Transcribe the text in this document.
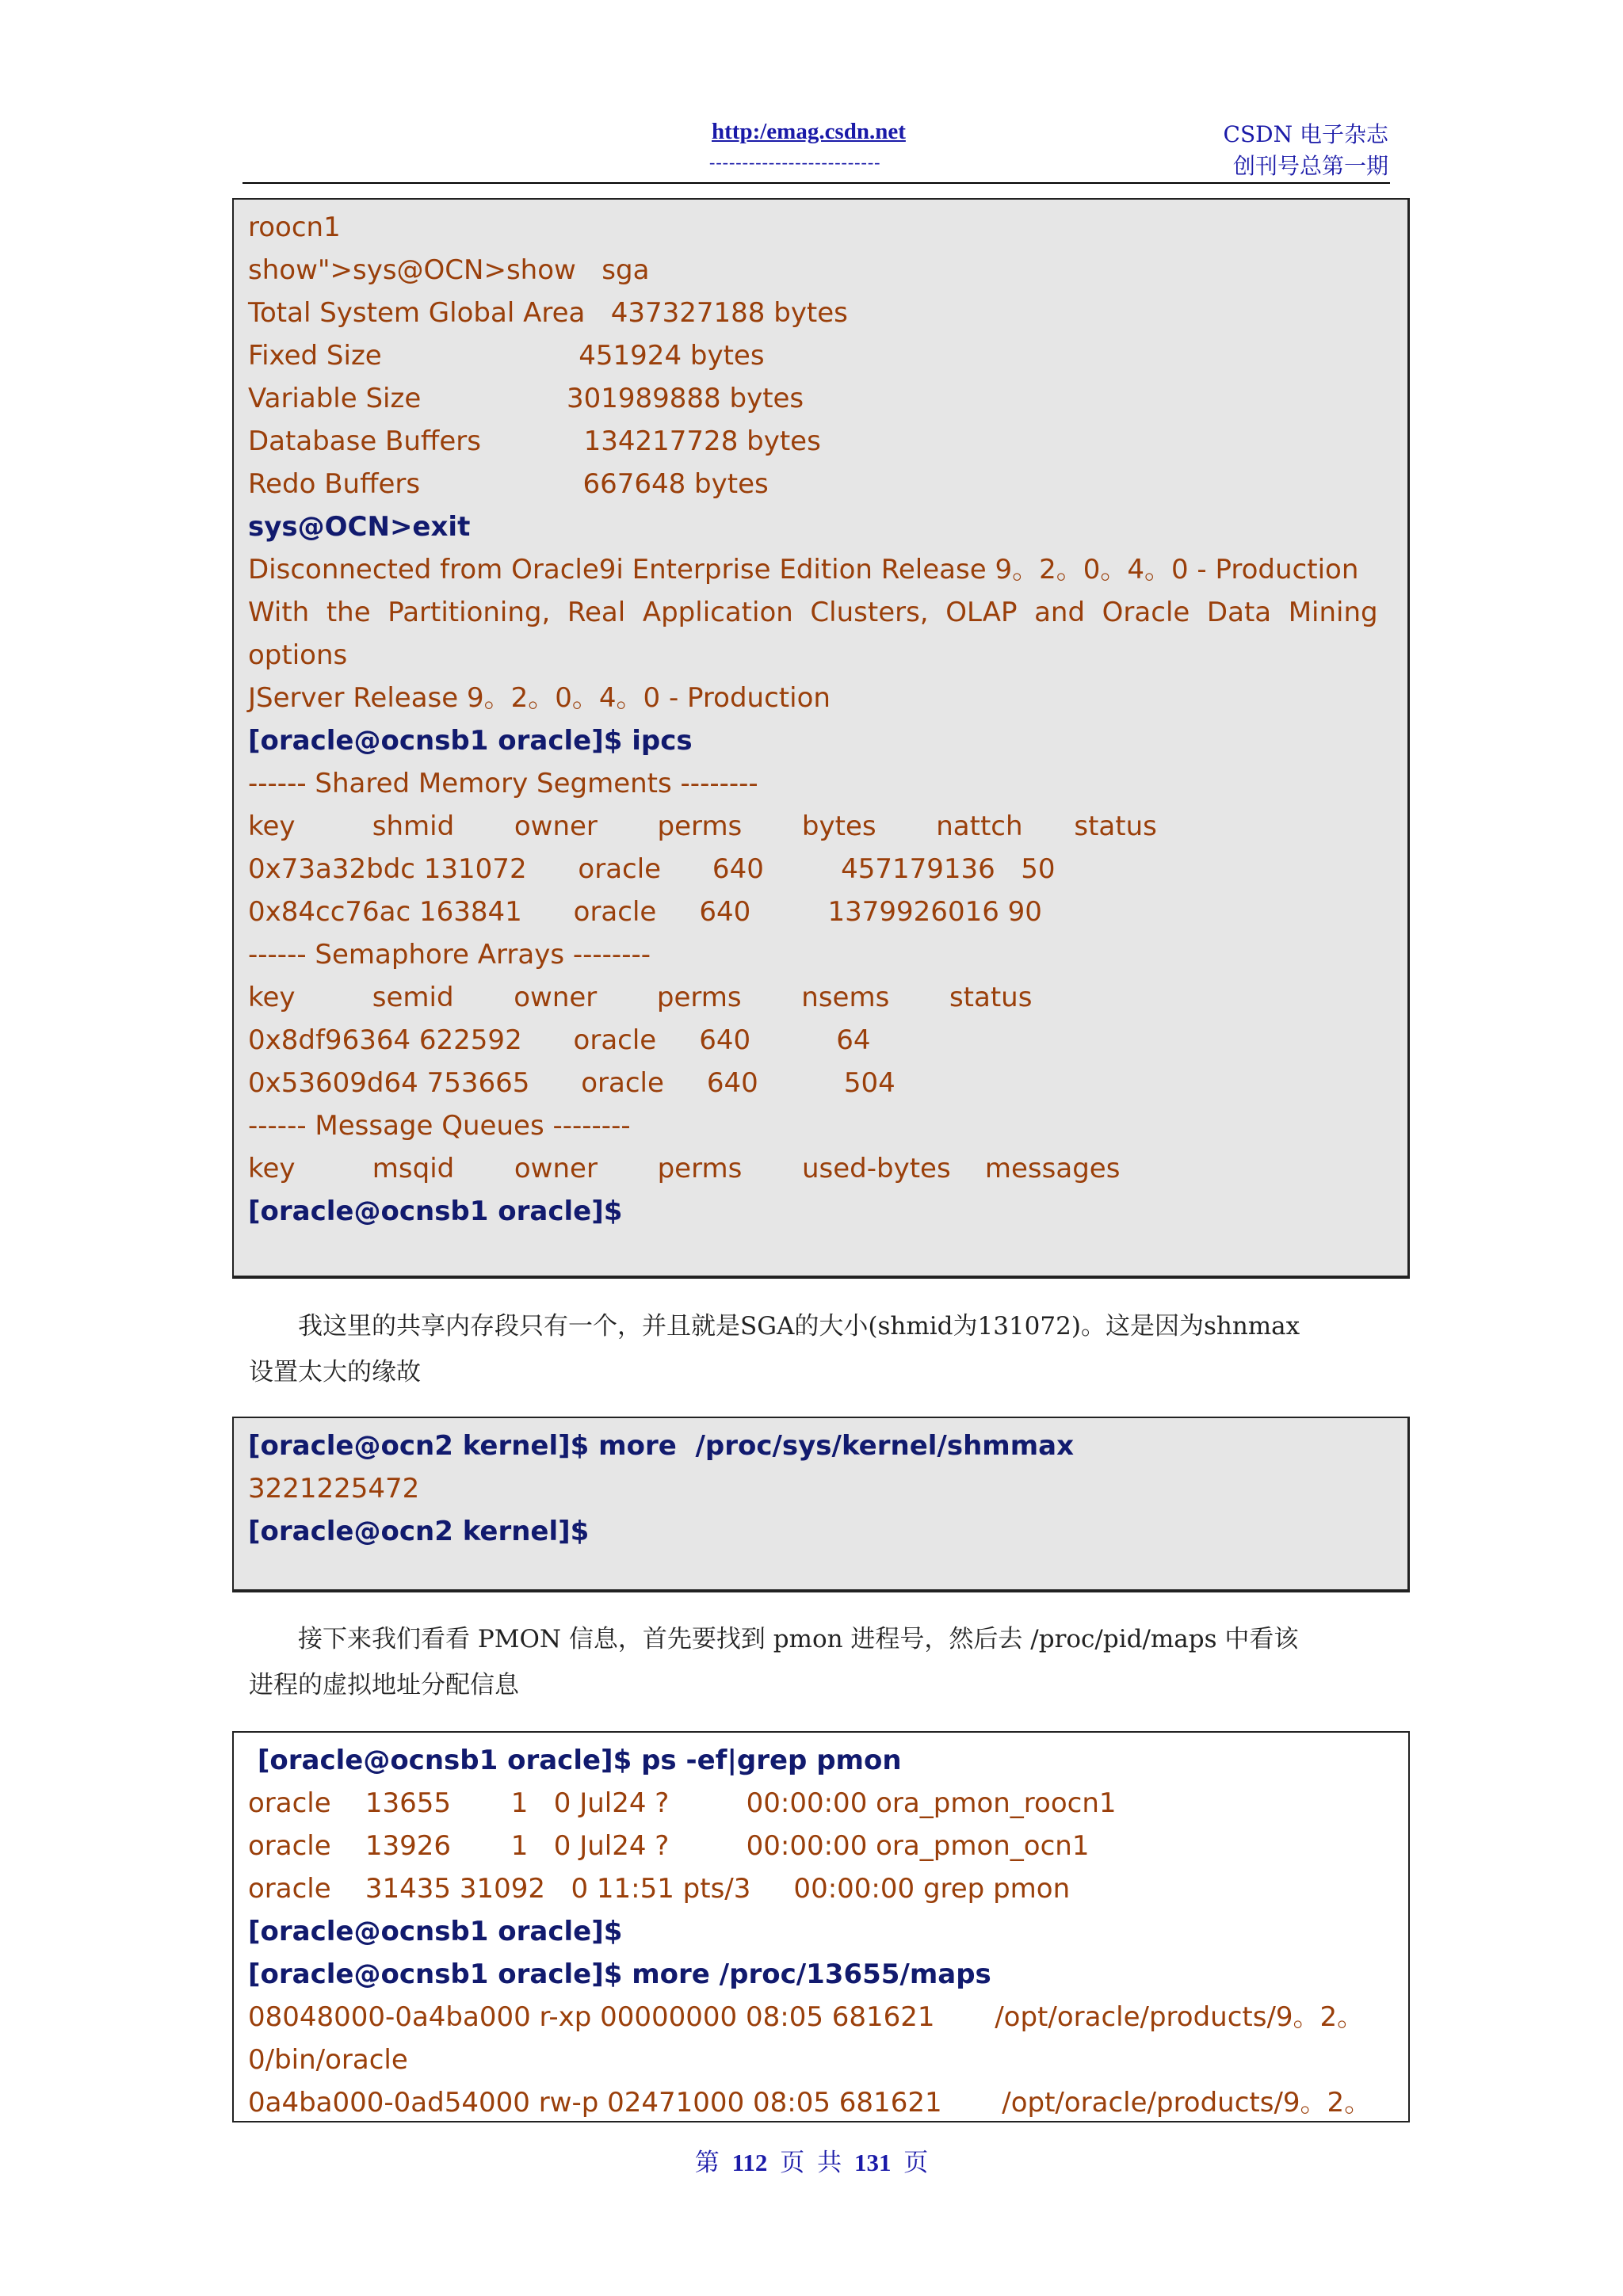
http:/emag.csdn.net
--------------------------
CSDN 电子杂志
创刊号总第一期
roocn1
show">sys@OCN>show   sga
Total System Global Area   437327188 bytes
Fixed Size                       451924 bytes
Variable Size                 301989888 bytes
Database Buffers            134217728 bytes
Redo Buffers                   667648 bytes
sys@OCN>exit
Disconnected from Oracle9i Enterprise Edition Release 9。2。0。4。0 - Production
With  the  Partitioning,  Real  Application  Clusters,  OLAP  and  Oracle  Data  Mining
options
JServer Release 9。2。0。4。0 - Production
[oracle@ocnsb1 oracle]$ ipcs
------ Shared Memory Segments --------
key         shmid       owner       perms       bytes       nattch      status
0x73a32bdc 131072      oracle      640         457179136   50
0x84cc76ac 163841      oracle     640         1379926016 90
------ Semaphore Arrays --------
key         semid       owner       perms       nsems       status
0x8df96364 622592      oracle     640          64
0x53609d64 753665      oracle     640          504
------ Message Queues --------
key         msqid       owner       perms       used-bytes    messages
[oracle@ocnsb1 oracle]$
我这里的共享内存段只有一个，并且就是SGA的大小(shmid为131072)。这是因为shnmax
设置太大的缘故
[oracle@ocn2 kernel]$ more  /proc/sys/kernel/shmmax
3221225472
[oracle@ocn2 kernel]$
接下来我们看看 PMON 信息，首先要找到 pmon 进程号，然后去 /proc/pid/maps 中看该
进程的虚拟地址分配信息
[oracle@ocnsb1 oracle]$ ps -ef|grep pmon
oracle    13655       1   0 Jul24 ?         00:00:00 ora_pmon_roocn1
oracle    13926       1   0 Jul24 ?         00:00:00 ora_pmon_ocn1
oracle    31435 31092   0 11:51 pts/3     00:00:00 grep pmon
[oracle@ocnsb1 oracle]$
[oracle@ocnsb1 oracle]$ more /proc/13655/maps
08048000-0a4ba000 r-xp 00000000 08:05 681621       /opt/oracle/products/9。2。
0/bin/oracle
0a4ba000-0ad54000 rw-p 02471000 08:05 681621       /opt/oracle/products/9。2。
第 112 页 共 131 页
